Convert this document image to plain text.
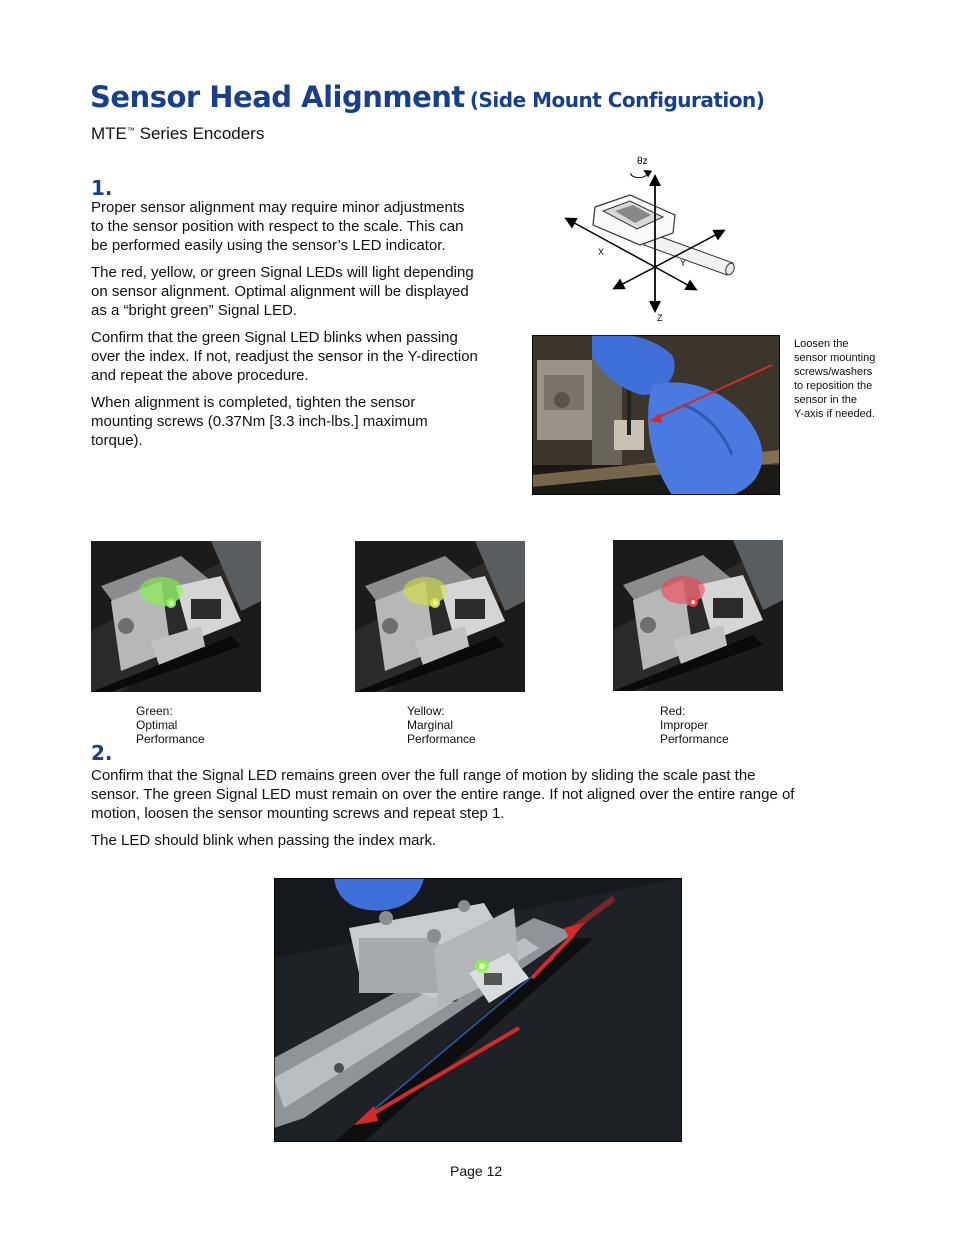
Sensor Head Alignment (Side Mount Configuration)
MTE™ Series Encoders
1.

Proper sensor alignment may require minor adjustments to the sensor position with respect to the scale. This can be performed easily using the sensor’s LED indicator.

The red, yellow, or green Signal LEDs will light depending on sensor alignment. Optimal alignment will be displayed as a “bright green” Signal LED.

Confirm that the green Signal LED blinks when passing over the index. If not, readjust the sensor in the Y-direction and repeat the above procedure.

When alignment is completed, tighten the sensor mounting screws (0.37Nm [3.3 inch-lbs.] maximum torque).

θz
X
Y
Z
Loosen the
sensor mounting
screws/washers
to reposition the
sensor in the
Y-axis if needed.
Green:
Optimal
Performance
Yellow:
Marginal
Performance
Red:
Improper
Performance
2.

Confirm that the Signal LED remains green over the full range of motion by sliding the scale past the sensor. The green Signal LED must remain on over the entire range. If not aligned over the entire range of motion, loosen the sensor mounting screws and repeat step 1.

The LED should blink when passing the index mark.

Page 12
